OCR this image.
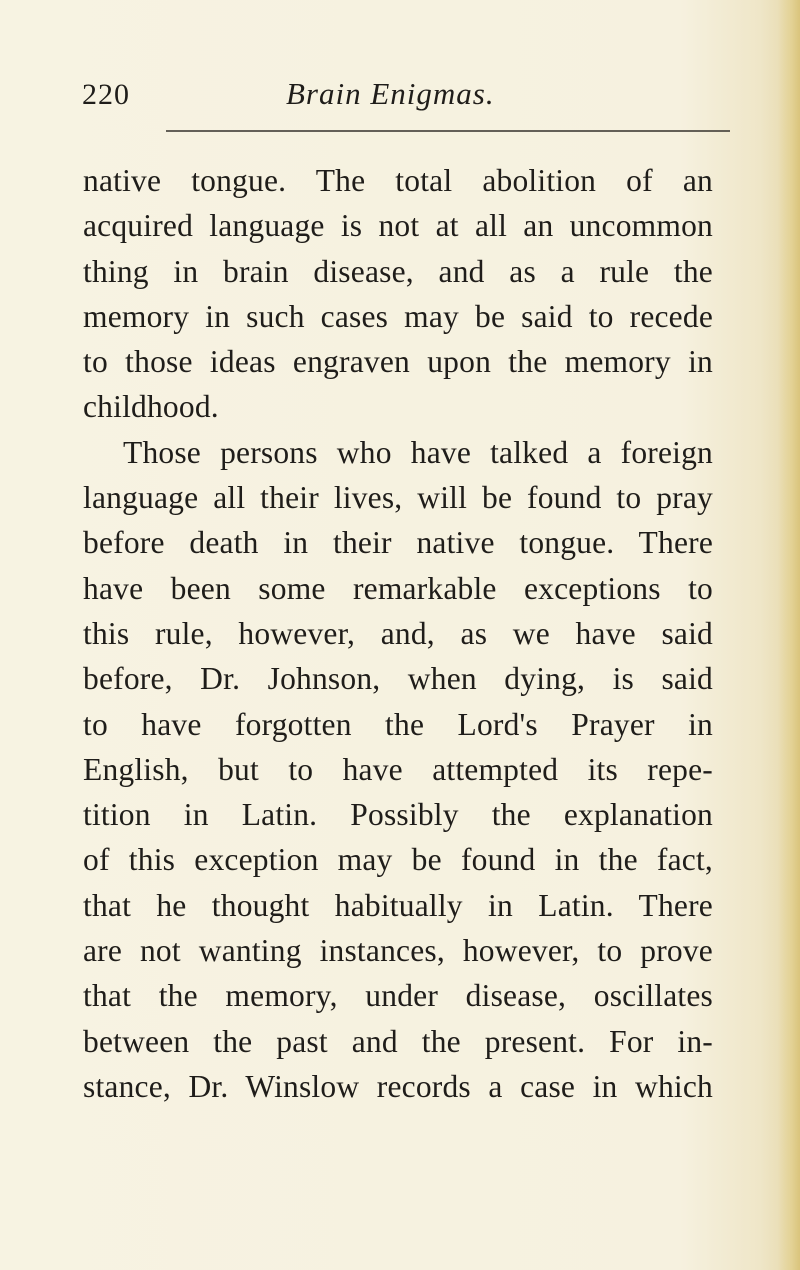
220	Brain Enigmas.
native tongue. The total abolition of an
acquired language is not at all an uncommon
thing in brain disease, and as a rule the
memory in such cases may be said to recede
to those ideas engraven upon the memory in
childhood.
Those persons who have talked a foreign
language all their lives, will be found to pray
before death in their native tongue. There
have been some remarkable exceptions to
this rule, however, and, as we have said
before, Dr. Johnson, when dying, is said
to have forgotten the Lord's Prayer in
English, but to have attempted its repe-
tition in Latin. Possibly the explanation
of this exception may be found in the fact,
that he thought habitually in Latin. There
are not wanting instances, however, to prove
that the memory, under disease, oscillates
between the past and the present. For in-
stance, Dr. Winslow records a case in which
